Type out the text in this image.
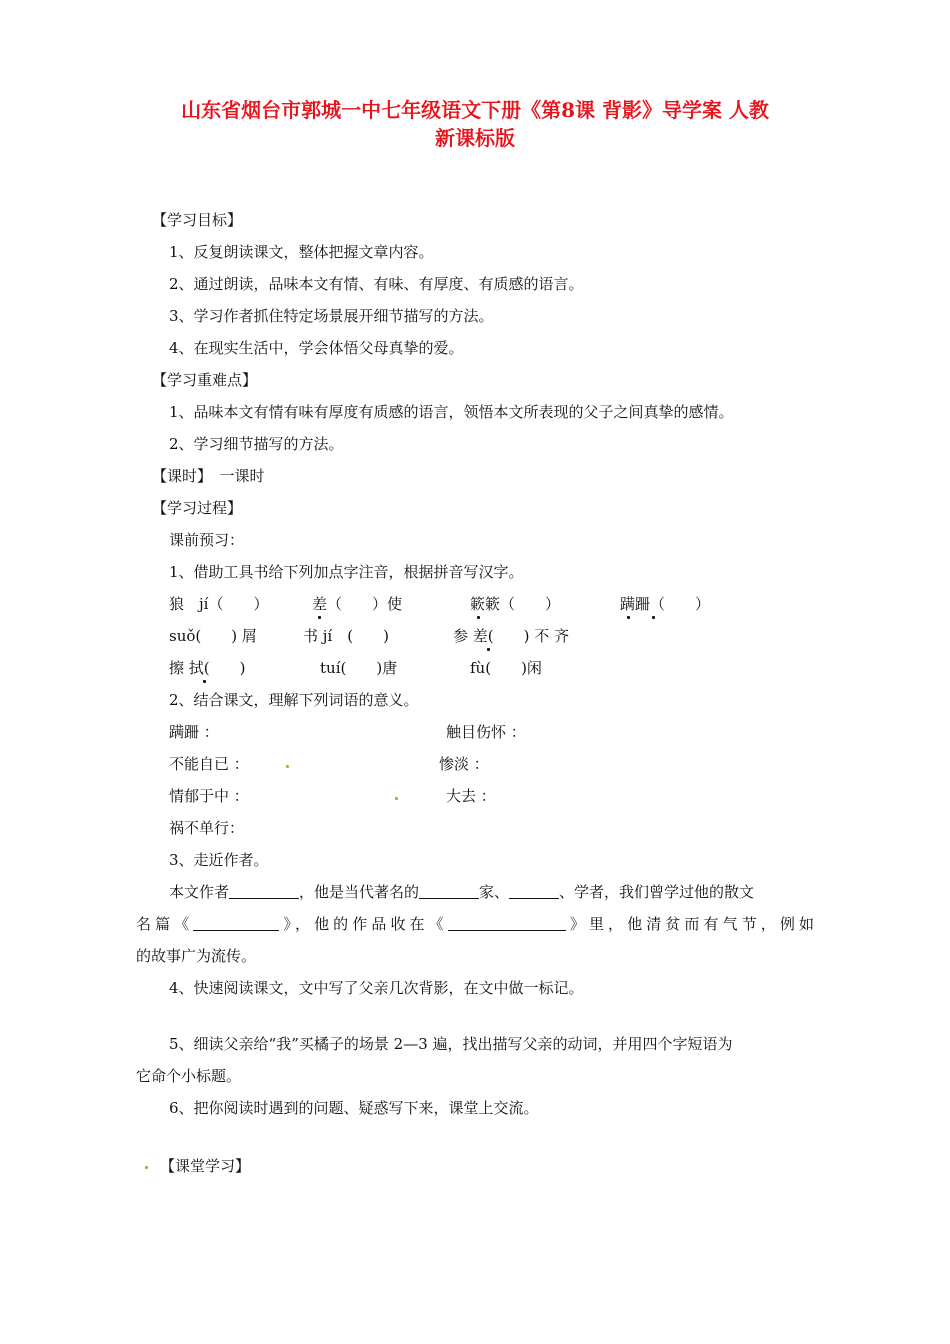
山东省烟台市郭城一中七年级语文下册《第8课 背影》导学案 人教
新课标版
【学习目标】
1、反复朗读课文，整体把握文章内容。
2、通过朗读，品味本文有情、有味、有厚度、有质感的语言。
3、学习作者抓住特定场景展开细节描写的方法。
4、在现实生活中，学会体悟父母真挚的爱。
【学习重难点】
1、品味本文有情有味有厚度有质感的语言，领悟本文所表现的父子之间真挚的感情。
2、学习细节描写的方法。
【课时】　一课时
【学习过程】
课前预习：
1、借助工具书给下列加点字注音，根据拼音写汉字。
狼　jí（　　）	差（　　）使	簌簌（　　）	蹒跚（　　）
suǒ(　　) 屑	书 jí　(　　)	参 差(　　) 不 齐
擦 拭(　　)	tuí(　　)唐	fù(　　)闲
2、结合课文，理解下列词语的意义。
蹒跚 ：	触目伤怀 ：
不能自已 ：	惨淡 ：
情郁于中 ：	大去 ：
祸不单行：
3、走近作者。
本文作者	，他是当代著名的	家、	、学者，我们曾学过他的散文
名篇《	》，他的作品收在《	》里，他清贫而有气节，例如
的故事广为流传。
4、快速阅读课文，文中写了父亲几次背影，在文中做一标记。
5、细读父亲给“我”买橘子的场景 2—3 遍，找出描写父亲的动词，并用四个字短语为
它命个小标题。
6、把你阅读时遇到的问题、疑惑写下来，课堂上交流。
【课堂学习】
